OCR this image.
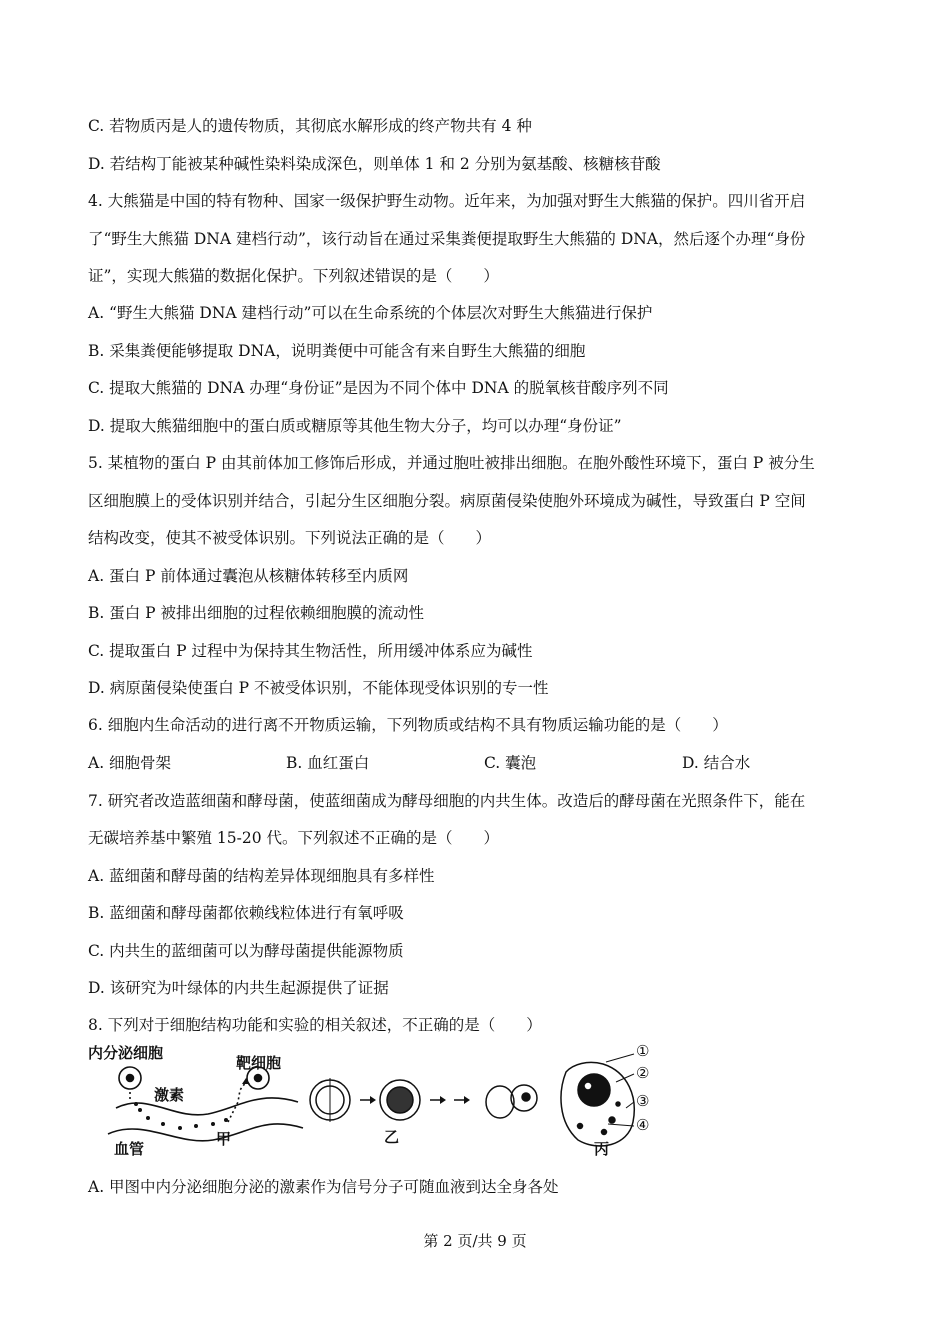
C. 若物质丙是人的遗传物质，其彻底水解形成的终产物共有 4 种
D. 若结构丁能被某种碱性染料染成深色，则单体 1 和 2 分别为氨基酸、核糖核苷酸
4. 大熊猫是中国的特有物种、国家一级保护野生动物。近年来，为加强对野生大熊猫的保护。四川省开启
了“野生大熊猫 DNA 建档行动”，该行动旨在通过采集粪便提取野生大熊猫的 DNA，然后逐个办理“身份
证”，实现大熊猫的数据化保护。下列叙述错误的是（　　）
A. “野生大熊猫 DNA 建档行动”可以在生命系统的个体层次对野生大熊猫进行保护
B. 采集粪便能够提取 DNA，说明粪便中可能含有来自野生大熊猫的细胞
C. 提取大熊猫的 DNA 办理“身份证”是因为不同个体中 DNA 的脱氧核苷酸序列不同
D. 提取大熊猫细胞中的蛋白质或糖原等其他生物大分子，均可以办理“身份证”
5. 某植物的蛋白 P 由其前体加工修饰后形成，并通过胞吐被排出细胞。在胞外酸性环境下，蛋白 P 被分生
区细胞膜上的受体识别并结合，引起分生区细胞分裂。病原菌侵染使胞外环境成为碱性，导致蛋白 P 空间
结构改变，使其不被受体识别。下列说法正确的是（　　）
A. 蛋白 P 前体通过囊泡从核糖体转移至内质网
B. 蛋白 P 被排出细胞的过程依赖细胞膜的流动性
C. 提取蛋白 P 过程中为保持其生物活性，所用缓冲体系应为碱性
D. 病原菌侵染使蛋白 P 不被受体识别，不能体现受体识别的专一性
6. 细胞内生命活动的进行离不开物质运输，下列物质或结构不具有物质运输功能的是（　　）
A. 细胞骨架	B. 血红蛋白	C. 囊泡	D. 结合水
7. 研究者改造蓝细菌和酵母菌，使蓝细菌成为酵母细胞的内共生体。改造后的酵母菌在光照条件下，能在
无碳培养基中繁殖 15-20 代。下列叙述不正确的是（　　）
A. 蓝细菌和酵母菌的结构差异体现细胞具有多样性
B. 蓝细菌和酵母菌都依赖线粒体进行有氧呼吸
C. 内共生的蓝细菌可以为酵母菌提供能源物质
D. 该研究为叶绿体的内共生起源提供了证据
8. 下列对于细胞结构功能和实验的相关叙述，不正确的是（　　）
内分泌细胞
靶细胞
激素
血管
甲	乙
丙
①
②
③
④
A. 甲图中内分泌细胞分泌的激素作为信号分子可随血液到达全身各处
第 2 页/共 9 页
